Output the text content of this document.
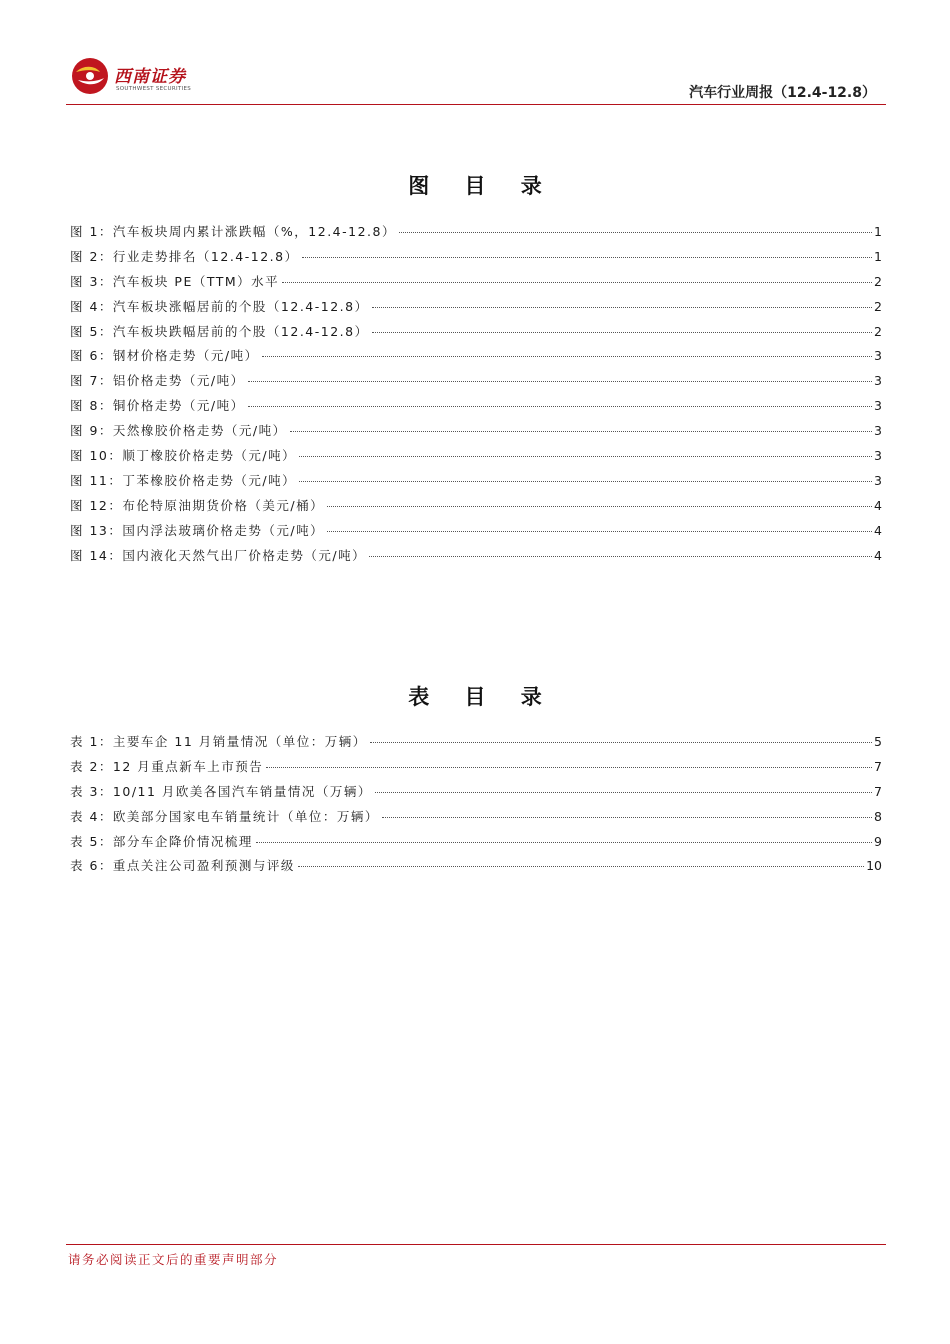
西南证券
SOUTHWEST SECURITIES	汽车行业周报（12.4-12.8）
图 目 录
图 1：汽车板块周内累计涨跌幅（%，12.4-12.8）	1
图 2：行业走势排名（12.4-12.8）	1
图 3：汽车板块 PE（TTM）水平	2
图 4：汽车板块涨幅居前的个股（12.4-12.8）	2
图 5：汽车板块跌幅居前的个股（12.4-12.8）	2
图 6：钢材价格走势（元/吨）	3
图 7：铝价格走势（元/吨）	3
图 8：铜价格走势（元/吨）	3
图 9：天然橡胶价格走势（元/吨）	3
图 10：顺丁橡胶价格走势（元/吨）	3
图 11：丁苯橡胶价格走势（元/吨）	3
图 12：布伦特原油期货价格（美元/桶）	4
图 13：国内浮法玻璃价格走势（元/吨）	4
图 14：国内液化天然气出厂价格走势（元/吨）	4
表 目 录
表 1：主要车企 11 月销量情况（单位：万辆）	5
表 2：12 月重点新车上市预告	7
表 3：10/11 月欧美各国汽车销量情况（万辆）	7
表 4：欧美部分国家电车销量统计（单位：万辆）	8
表 5：部分车企降价情况梳理	9
表 6：重点关注公司盈利预测与评级	10
请务必阅读正文后的重要声明部分
